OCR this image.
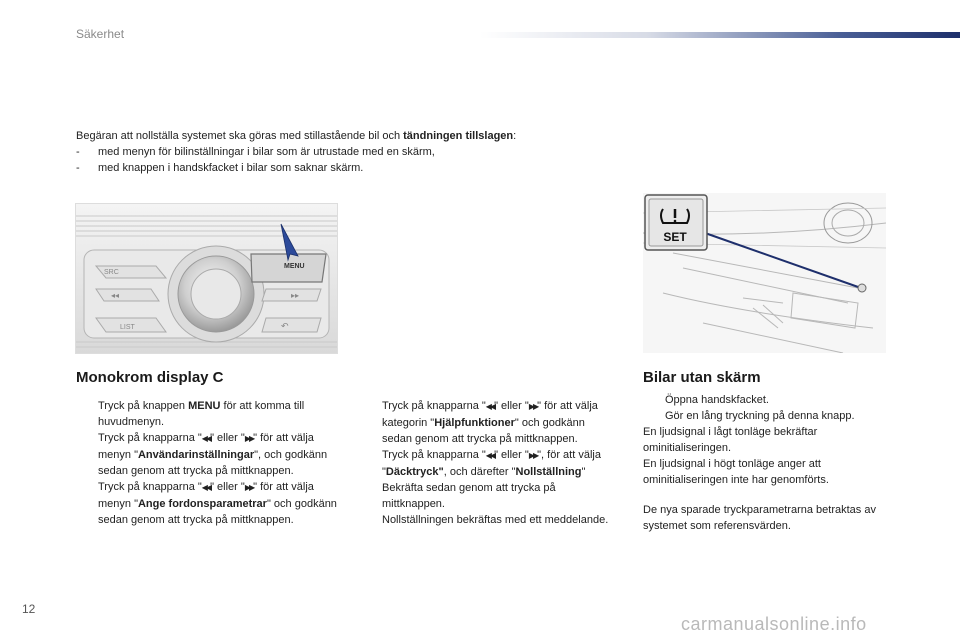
Säkerhet

Begäran att nollställa systemet ska göras med stillastående bil och tändningen tillslagen:

- med menyn för bilinställningar i bilar som är utrustade med en skärm,

- med knappen i handskfacket i bilar som saknar skärm.

SRC
◂◂
LIST
MENU
▸▸
↶
SET
Monokrom display C
Tryck på knappen MENU för att komma till huvudmenyn.
Tryck på knapparna "◀◀" eller "▶▶" för att välja menyn "Användarinställningar", och godkänn sedan genom att trycka på mittknappen.
Tryck på knapparna "◀◀" eller "▶▶" för att välja menyn "Ange fordonsparametrar" och godkänn sedan genom att trycka på mittknappen.
Tryck på knapparna "◀◀" eller "▶▶" för att välja kategorin "Hjälpfunktioner" och godkänn sedan genom att trycka på mittknappen.
Tryck på knapparna "◀◀" eller "▶▶", för att välja "Däcktryck", och därefter "Nollställning" Bekräfta sedan genom att trycka på mittknappen.
Nollställningen bekräftas med ett meddelande.
Bilar utan skärm
Öppna handskfacket.
Gör en lång tryckning på denna knapp.

En ljudsignal i lågt tonläge bekräftar ominitialiseringen.

En ljudsignal i högt tonläge anger att ominitialiseringen inte har genomförts.

De nya sparade tryckparametrarna betraktas av systemet som referensvärden.

12
carmanualsonline.info
